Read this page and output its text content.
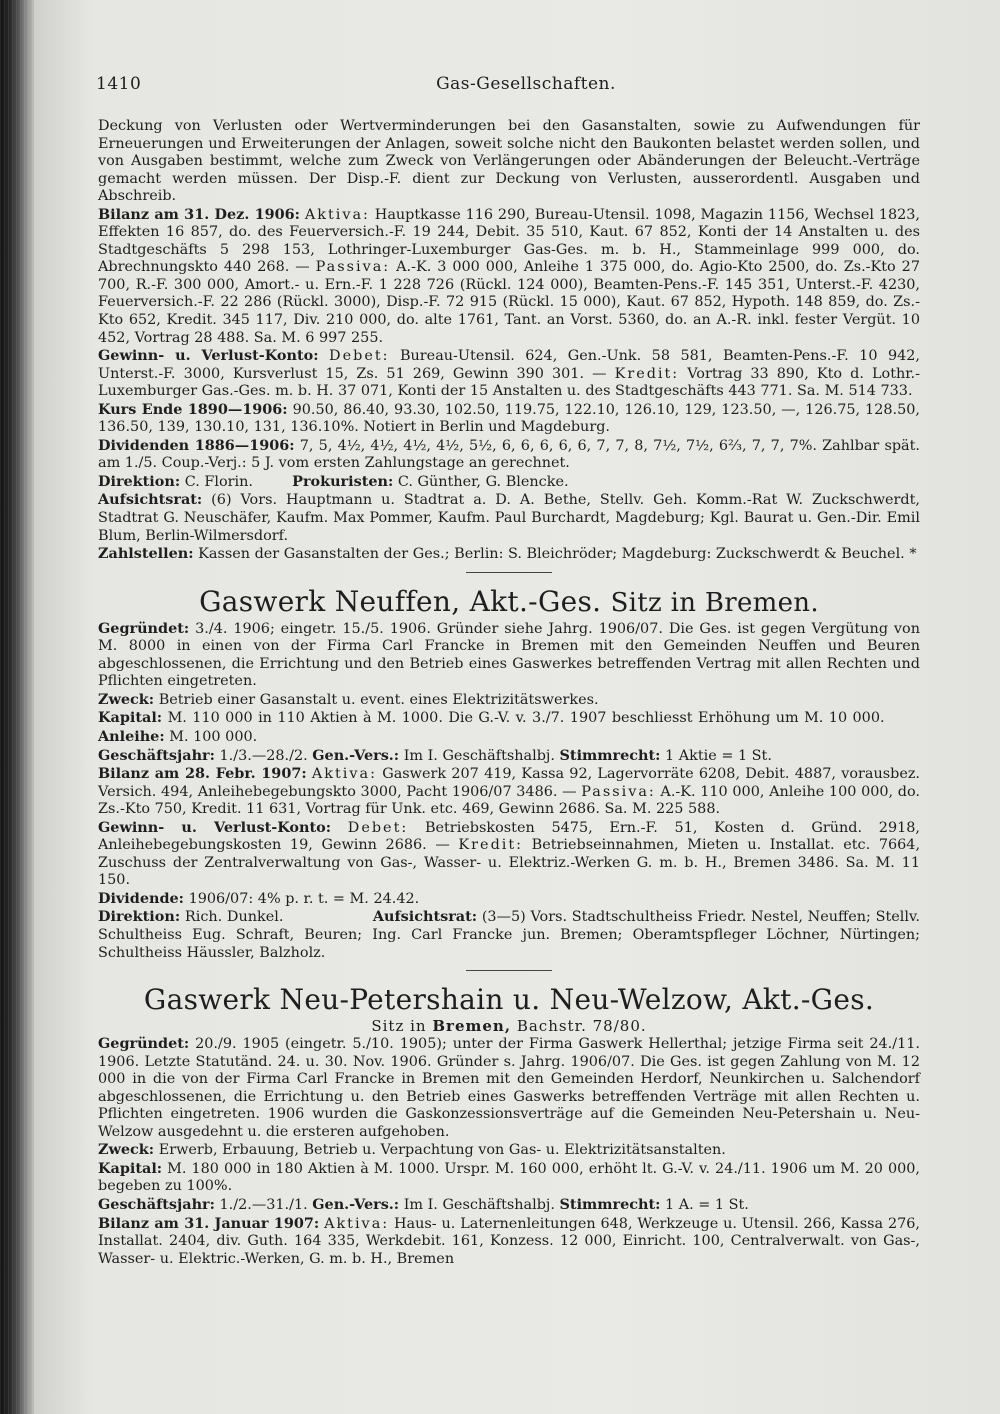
1410	Gas-Gesellschaften.

Deckung von Verlusten oder Wertverminderungen bei den Gasanstalten, sowie zu Aufwendungen für Erneuerungen und Erweiterungen der Anlagen, soweit solche nicht den Baukonten belastet werden sollen, und von Ausgaben bestimmt, welche zum Zweck von Verlängerungen oder Abänderungen der Beleucht.-Verträge gemacht werden müssen. Der Disp.-F. dient zur Deckung von Verlusten, ausserordentl. Ausgaben und Abschreib.

Bilanz am 31. Dez. 1906: Aktiva: Hauptkasse 116 290, Bureau-Utensil. 1098, Magazin 1156, Wechsel 1823, Effekten 16 857, do. des Feuerversich.-F. 19 244, Debit. 35 510, Kaut. 67 852, Konti der 14 Anstalten u. des Stadtgeschäfts 5 298 153, Lothringer-Luxemburger Gas-Ges. m. b. H., Stammeinlage 999 000, do. Abrechnungskto 440 268. — Passiva: A.-K. 3 000 000, Anleihe 1 375 000, do. Agio-Kto 2500, do. Zs.-Kto 27 700, R.-F. 300 000, Amort.- u. Ern.-F. 1 228 726 (Rückl. 124 000), Beamten-Pens.-F. 145 351, Unterst.-F. 4230, Feuerversich.-F. 22 286 (Rückl. 3000), Disp.-F. 72 915 (Rückl. 15 000), Kaut. 67 852, Hypoth. 148 859, do. Zs.-Kto 652, Kredit. 345 117, Div. 210 000, do. alte 1761, Tant. an Vorst. 5360, do. an A.-R. inkl. fester Vergüt. 10 452, Vortrag 28 488. Sa. M. 6 997 255.

Gewinn- u. Verlust-Konto: Debet: Bureau-Utensil. 624, Gen.-Unk. 58 581, Beamten-Pens.-F. 10 942, Unterst.-F. 3000, Kursverlust 15, Zs. 51 269, Gewinn 390 301. — Kredit: Vortrag 33 890, Kto d. Lothr.-Luxemburger Gas.-Ges. m. b. H. 37 071, Konti der 15 Anstalten u. des Stadtgeschäfts 443 771. Sa. M. 514 733.

Kurs Ende 1890—1906: 90.50, 86.40, 93.30, 102.50, 119.75, 122.10, 126.10, 129, 123.50, —, 126.75, 128.50, 136.50, 139, 130.10, 131, 136.10%. Notiert in Berlin und Magdeburg.

Dividenden 1886—1906: 7, 5, 4½, 4½, 4½, 4½, 5½, 6, 6, 6, 6, 6, 7, 7, 8, 7½, 7½, 6⅔, 7, 7, 7%. Zahlbar spät. am 1./5. Coup.-Verj.: 5 J. vom ersten Zahlungstage an gerechnet.

Direktion: C. Florin.	Prokuristen: C. Günther, G. Blencke.

Aufsichtsrat: (6) Vors. Hauptmann u. Stadtrat a. D. A. Bethe, Stellv. Geh. Komm.-Rat W. Zuckschwerdt, Stadtrat G. Neuschäfer, Kaufm. Max Pommer, Kaufm. Paul Burchardt, Magdeburg; Kgl. Baurat u. Gen.-Dir. Emil Blum, Berlin-Wilmersdorf.

Zahlstellen: Kassen der Gasanstalten der Ges.; Berlin: S. Bleichröder; Magdeburg: Zuckschwerdt & Beuchel. *

Gaswerk Neuffen, Akt.-Ges. Sitz in Bremen.

Gegründet: 3./4. 1906; eingetr. 15./5. 1906. Gründer siehe Jahrg. 1906/07. Die Ges. ist gegen Vergütung von M. 8000 in einen von der Firma Carl Francke in Bremen mit den Gemeinden Neuffen und Beuren abgeschlossenen, die Errichtung und den Betrieb eines Gaswerkes betreffenden Vertrag mit allen Rechten und Pflichten eingetreten.

Zweck: Betrieb einer Gasanstalt u. event. eines Elektrizitätswerkes.

Kapital: M. 110 000 in 110 Aktien à M. 1000. Die G.-V. v. 3./7. 1907 beschliesst Erhöhung um M. 10 000.  Anleihe: M. 100 000.

Geschäftsjahr: 1./3.—28./2. Gen.-Vers.: Im I. Geschäftshalbj. Stimmrecht: 1 Aktie = 1 St.

Bilanz am 28. Febr. 1907: Aktiva: Gaswerk 207 419, Kassa 92, Lagervorräte 6208, Debit. 4887, vorausbez. Versich. 494, Anleihebegebungskto 3000, Pacht 1906/07 3486. — Passiva: A.-K. 110 000, Anleihe 100 000, do. Zs.-Kto 750, Kredit. 11 631, Vortrag für Unk. etc. 469, Gewinn 2686. Sa. M. 225 588.

Gewinn- u. Verlust-Konto: Debet: Betriebskosten 5475, Ern.-F. 51, Kosten d. Gründ. 2918, Anleihebegebungskosten 19, Gewinn 2686. — Kredit: Betriebseinnahmen, Mieten u. Installat. etc. 7664, Zuschuss der Zentralverwaltung von Gas-, Wasser- u. Elektriz.-Werken G. m. b. H., Bremen 3486. Sa. M. 11 150.

Dividende: 1906/07: 4% p. r. t. = M. 24.42.

Direktion: Rich. Dunkel.	Aufsichtsrat: (3—5) Vors. Stadtschultheiss Friedr. Nestel, Neuffen; Stellv. Schultheiss Eug. Schraft, Beuren; Ing. Carl Francke jun. Bremen; Oberamtspfleger Löchner, Nürtingen; Schultheiss Häussler, Balzholz.

Gaswerk Neu-Petershain u. Neu-Welzow, Akt.-Ges.

Sitz in Bremen, Bachstr. 78/80.

Gegründet: 20./9. 1905 (eingetr. 5./10. 1905); unter der Firma Gaswerk Hellerthal; jetzige Firma seit 24./11. 1906. Letzte Statutänd. 24. u. 30. Nov. 1906. Gründer s. Jahrg. 1906/07. Die Ges. ist gegen Zahlung von M. 12 000 in die von der Firma Carl Francke in Bremen mit den Gemeinden Herdorf, Neunkirchen u. Salchendorf abgeschlossenen, die Errichtung u. den Betrieb eines Gaswerks betreffenden Verträge mit allen Rechten u. Pflichten eingetreten. 1906 wurden die Gaskonzessionsverträge auf die Gemeinden Neu-Petershain u. Neu-Welzow ausgedehnt u. die ersteren aufgehoben.

Zweck: Erwerb, Erbauung, Betrieb u. Verpachtung von Gas- u. Elektrizitätsanstalten.

Kapital: M. 180 000 in 180 Aktien à M. 1000. Urspr. M. 160 000, erhöht lt. G.-V. v. 24./11. 1906 um M. 20 000, begeben zu 100%.

Geschäftsjahr: 1./2.—31./1. Gen.-Vers.: Im I. Geschäftshalbj. Stimmrecht: 1 A. = 1 St.

Bilanz am 31. Januar 1907: Aktiva: Haus- u. Laternenleitungen 648, Werkzeuge u. Utensil. 266, Kassa 276, Installat. 2404, div. Guth. 164 335, Werkdebit. 161, Konzess. 12 000, Einricht. 100, Centralverwalt. von Gas-, Wasser- u. Elektric.-Werken, G. m. b. H., Bremen
